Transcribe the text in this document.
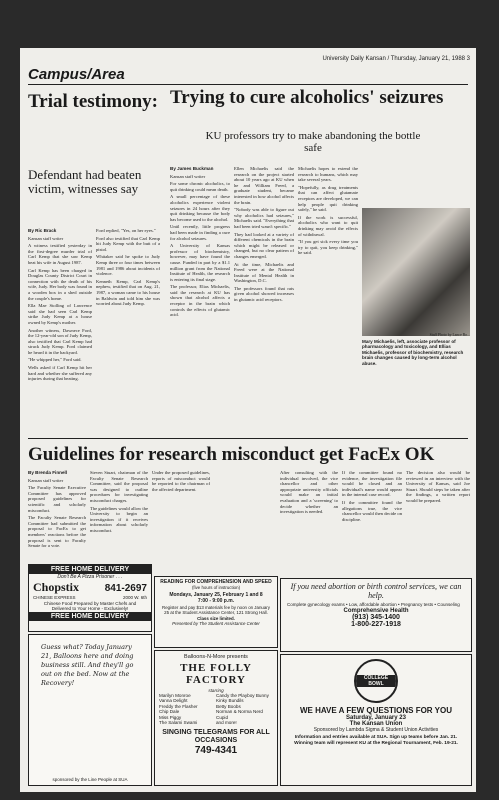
University Daily Kansan / Thursday, January 21, 1988 3
Campus/Area
Trial testimony:
Defendant had beaten victim, witnesses say

By Ric Brack

Kansan staff writer

A witness testified yesterday in the first-degree murder trial of Carl Kemp that she saw Kemp beat his wife in August 1987.

Carl Kemp has been charged in Douglas County District Court in connection with the death of his wife, Judy. Her body was found in a wooden box in a shed outside the couple's home.

Ella Mae Stolling of Lawrence said she had seen Carl Kemp strike Judy Kemp at a house owned by Kemp's mother.

Another witness, Dawnece Ford, the 12-year-old son of Judy Kemp, also testified that Carl Kemp had struck Judy Kemp. Ford claimed he heard it in the backyard.

"He whipped her," Ford said.

Wells asked if Carl Kemp hit her hard and whether she suffered any injuries during that beating.

Ford replied, "Yes, on her eyes."

Ford also testified that Carl Kemp hit Judy Kemp with the butt of a pistol.

Whitaker said he spoke to Judy Kemp three or four times between 1981 and 1986 about incidents of violence.

Kenneth Kemp, Carl Kemp's nephew, testified that on Aug. 21, 1987, a woman came to his house in Baldwin and told him she was worried about Judy Kemp.

Trying to cure alcoholics' seizures
KU professors try to make abandoning the bottle safe

By James Buckman

Kansan staff writer

For some chronic alcoholics, to quit drinking could mean death.

A small percentage of these alcoholics experience violent seizures in 24 hours after they quit drinking because the body has become used to the alcohol.

Until recently, little progress had been made in finding a cure for alcohol seizures.

A University of Kansas professor of biochemistry, however, may have found the cause. Funded in part by a $1.1 million grant from the National Institute of Health, the research is entering its final stage.

The professor, Elias Michaelis, said the research at KU has shown that alcohol affects a receptor in the brain which controls the effects of glutamic acid.

Ellen Michaelis said the research on the project started about 10 years ago at KU when he and William Freed, a graduate student, became interested in how alcohol affects the brain.

"Nobody was able to figure out why alcoholics had seizures," Michaelis said. "Everything that had been tried wasn't specific."

They had looked at a variety of different chemicals in the brain which might be released or changed, but no clear pattern of changes emerged.

At the time, Michaelis and Freed were at the National Institute of Mental Health in Washington, D.C.

The professors found that rats given alcohol showed increases in glutamic acid receptors.

Michaelis hopes to extend the research to humans, which may take several years.

"Hopefully, as drug treatments that can affect glutamate receptors are developed, we can help people quit drinking safely," he said.

If the work is successful, alcoholics who want to quit drinking may avoid the effects of withdrawal.

"If you get sick every time you try to quit, you keep drinking," he said.

Staff Photo by Lance Ro...
Mary Michaelis, left, associate professor of pharmacology and toxicology, and Ellias Michaelis, professor of biochemistry, research brain changes caused by long-term alcohol abuse.
Guidelines for research misconduct get FacEx OK

By Brenda Finnell

Kansan staff writer

The Faculty Senate Executive Committee has approved proposed guidelines for scientific and scholarly misconduct.

The Faculty Senate Research Committee had submitted the proposal to FacEx to get members' reactions before the proposal is sent to Faculty Senate for a vote.

Steven Stuart, chairman of the Faculty Senate Research Committee, said the proposal was designed to outline procedures for investigating misconduct charges.

The guidelines would allow the University to begin an investigation if it receives information about scholarly misconduct.

Under the proposed guidelines, reports of misconduct would be reported to the chairman of the affected department.

After consulting with the individual involved, the vice chancellor and other appropriate university officials would make an initial evaluation and a 'screening' to decide whether an investigation is needed.

If the committee found no evidence, the investigation file would be closed and an individual's name would appear in the internal case record.

If the committee found the allegations true, the vice chancellor would then decide on discipline.

The decision also would be reviewed in an interview with the University of Kansas, said Joe Stuart. Should steps be taken after the findings, a written report would be prepared.

FREE HOME DELIVERY
Don't Be A Pizza Prisoner . . .
Chopstix	841-2697
CHINESE EXPRESS	2000 W. 6th
Chinese Food Prepared by Master Chefs and Delivered to Your Home - Exclusively!
FREE HOME DELIVERY
Guess what? Today January 21, Balloons here and doing business still. And they'll go out on the bed. Now at the Recovery!
sponsored by the Line People at SUA
READING FOR COMPREHENSION AND SPEED
(five hours of instruction)
Mondays, January 25, February 1 and 8
7:00 - 9:00 p.m.
Register and pay $13 materials fee by noon on January 25 at the Student Assistance Center, 121 Strong Hall.
Class size limited.
Presented by The Student Assistance Center
Balloons-N-More presents
THE FOLLY FACTORY
starring
Marilyn Monroe	Candy the Playboy Bunny
Vanna Delight	Kinky Bundils
Freddy the Flasher	Betty Boobs
Chip Dale	Norman & Norma Nerd
Miss Piggy	Cupid
The Salami Swami	and more!
SINGING TELEGRAMS FOR ALL OCCASIONS
749-4341
If you need abortion or birth control services, we can help.
Complete gynecology exams • Low, affordable abortion • Pregnancy tests • Counseling
Comprehensive Health
(913) 345-1400
1-800-227-1918
COLLEGE BOWL
WE HAVE A FEW QUESTIONS FOR YOU
Saturday, January 23
The Kansan Union
Sponsored by Lambda Sigma & Student Union Activities
Information and entries available at SUA. Sign up teams before Jan. 21. Winning team will represent KU at the Regional Tournament, Feb. 19-21.
